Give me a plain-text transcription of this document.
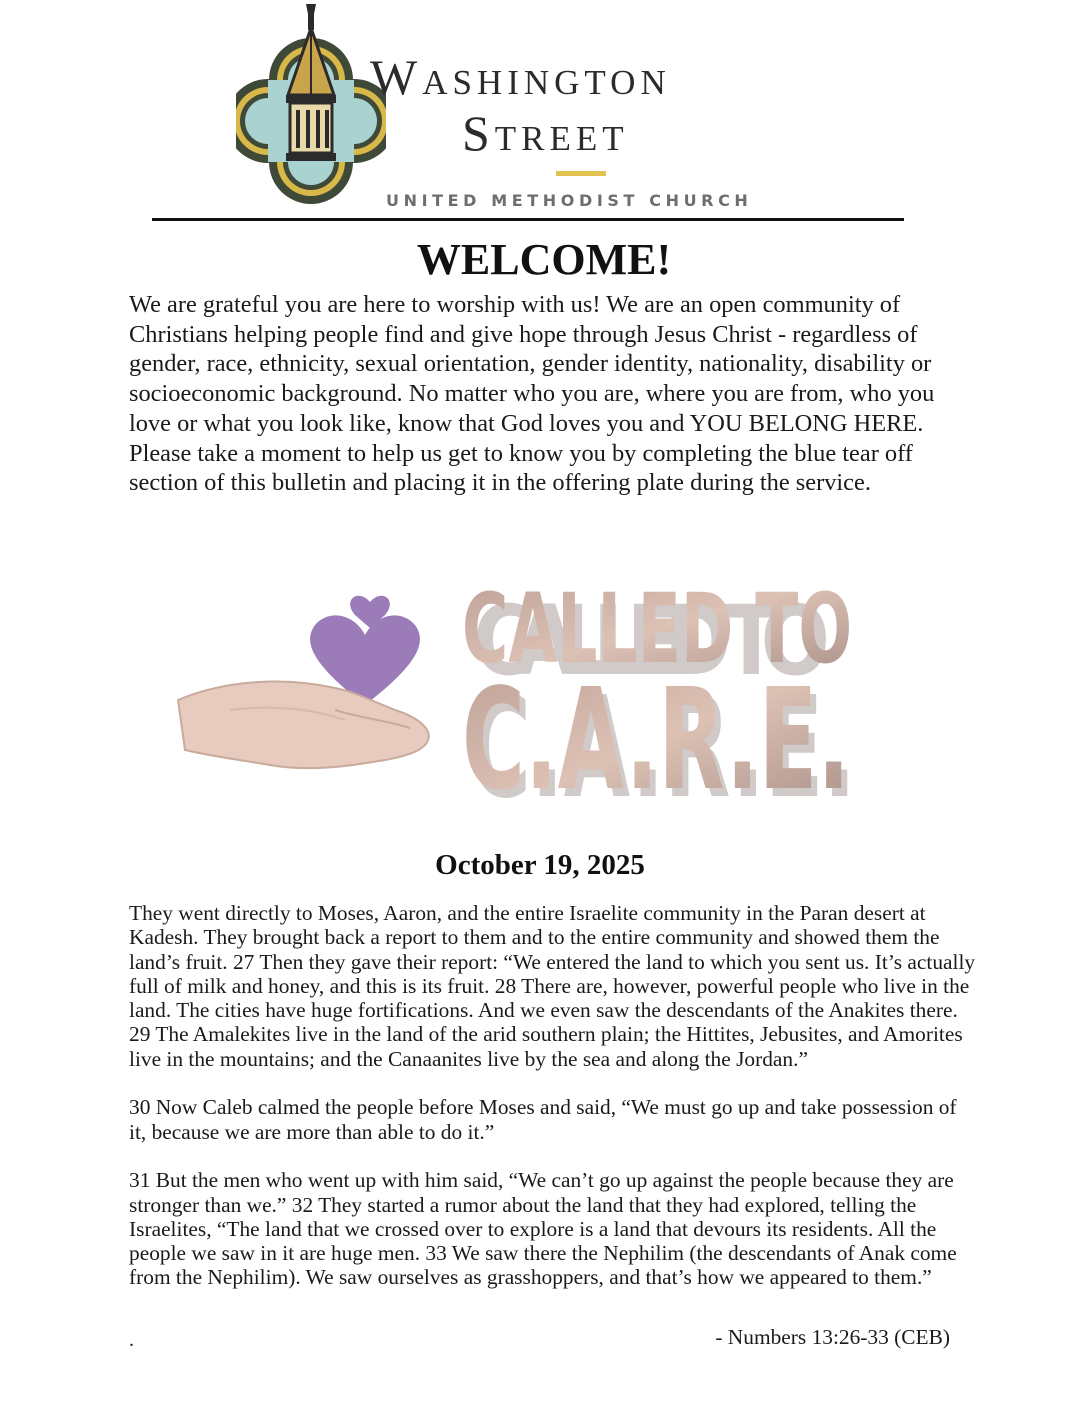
Washington
Street
UNITED METHODIST CHURCH
WELCOME!
We are grateful you are here to worship with us! We are an open community of Christians helping people find and give hope through Jesus Christ - regardless of gender, race, ethnicity, sexual orientation, gender identity, nationality, disability or socioeconomic background. No matter who you are, where you are from, who you love or what you look like, know that God loves you and YOU BELONG HERE. Please take a moment to help us get to know you by completing the blue tear off section of this bulletin and placing it in the offering plate during the service.
CALLED TO
CALLED TO
C.A.R.E.
C.A.R.E.
October 19, 2025

They went directly to Moses, Aaron, and the entire Israelite community in the Paran desert at Kadesh. They brought back a report to them and to the entire community and showed them the land’s fruit. 27 Then they gave their report: “We entered the land to which you sent us. It’s actually full of milk and honey, and this is its fruit. 28 There are, however, powerful people who live in the land. The cities have huge fortifications. And we even saw the descendants of the Anakites there. 29 The Amalekites live in the land of the arid southern plain; the Hittites, Jebusites, and Amorites live in the mountains; and the Canaanites live by the sea and along the Jordan.”

30 Now Caleb calmed the people before Moses and said, “We must go up and take possession of it, because we are more than able to do it.”

31 But the men who went up with him said, “We can’t go up against the people because they are stronger than we.” 32 They started a rumor about the land that they had explored, telling the Israelites, “The land that we crossed over to explore is a land that devours its residents. All the people we saw in it are huge men. 33 We saw there the Nephilim (the descendants of Anak come from the Nephilim). We saw ourselves as grasshoppers, and that’s how we appeared to them.”

.	- Numbers 13:26-33 (CEB)
